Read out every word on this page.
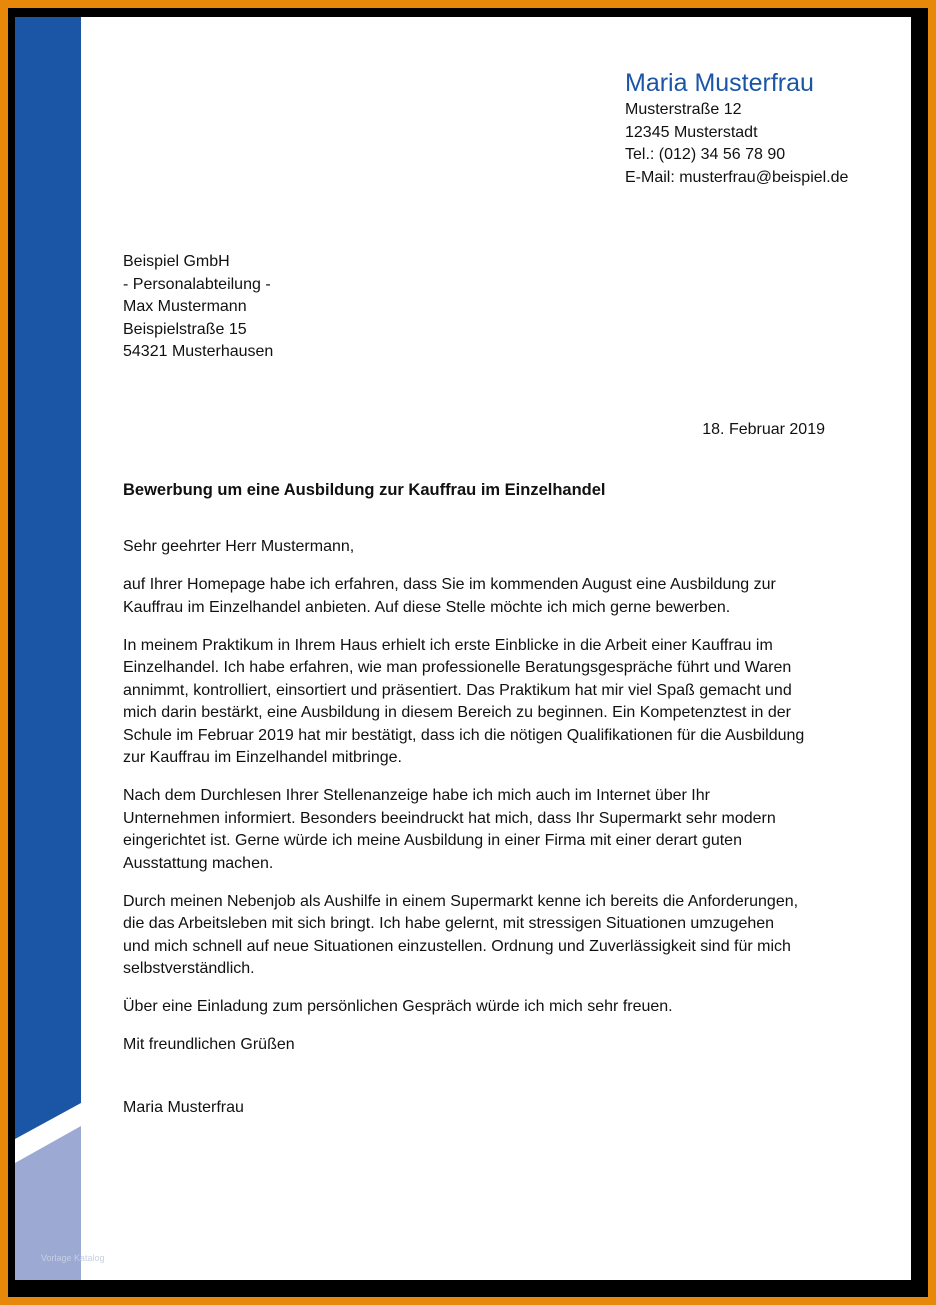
Vorlage Katalog
Maria Musterfrau
Musterstraße 12
12345 Musterstadt
Tel.: (012) 34 56 78 90
E-Mail: musterfrau@beispiel.de
Beispiel GmbH
- Personalabteilung -
Max Mustermann
Beispielstraße 15
54321 Musterhausen
18. Februar 2019
Bewerbung um eine Ausbildung zur Kauffrau im Einzelhandel

Sehr geehrter Herr Mustermann,

auf Ihrer Homepage habe ich erfahren, dass Sie im kommenden August eine Ausbildung zur
Kauffrau im Einzelhandel anbieten. Auf diese Stelle möchte ich mich gerne bewerben.

In meinem Praktikum in Ihrem Haus erhielt ich erste Einblicke in die Arbeit einer Kauffrau im
Einzelhandel. Ich habe erfahren, wie man professionelle Beratungsgespräche führt und Waren
annimmt, kontrolliert, einsortiert und präsentiert. Das Praktikum hat mir viel Spaß gemacht und
mich darin bestärkt, eine Ausbildung in diesem Bereich zu beginnen. Ein Kompetenztest in der
Schule im Februar 2019 hat mir bestätigt, dass ich die nötigen Qualifikationen für die Ausbildung
zur Kauffrau im Einzelhandel mitbringe.

Nach dem Durchlesen Ihrer Stellenanzeige habe ich mich auch im Internet über Ihr
Unternehmen informiert. Besonders beeindruckt hat mich, dass Ihr Supermarkt sehr modern
eingerichtet ist. Gerne würde ich meine Ausbildung in einer Firma mit einer derart guten
Ausstattung machen.

Durch meinen Nebenjob als Aushilfe in einem Supermarkt kenne ich bereits die Anforderungen,
die das Arbeitsleben mit sich bringt. Ich habe gelernt, mit stressigen Situationen umzugehen
und mich schnell auf neue Situationen einzustellen. Ordnung und Zuverlässigkeit sind für mich
selbstverständlich.

Über eine Einladung zum persönlichen Gespräch würde ich mich sehr freuen.

Mit freundlichen Grüßen

Maria Musterfrau
